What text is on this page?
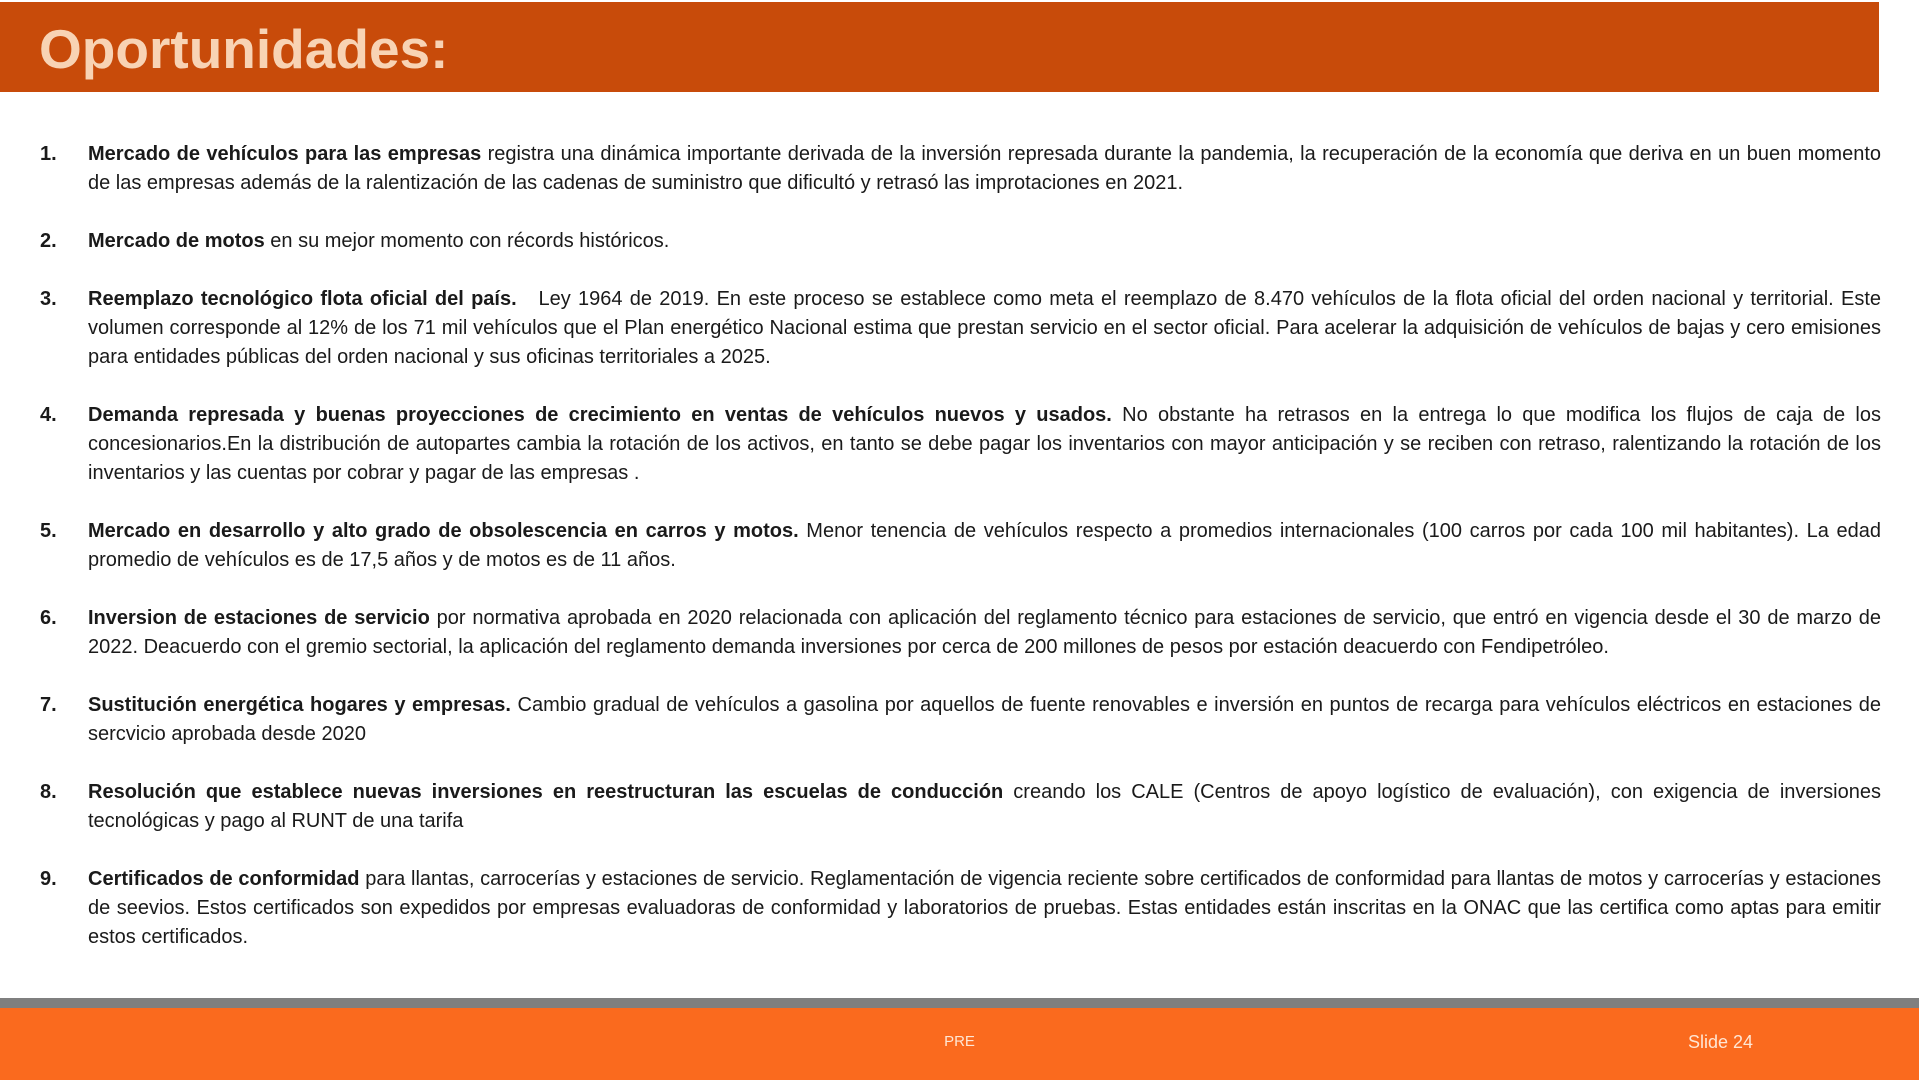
Oportunidades:
1. Mercado de vehículos para las empresas registra una dinámica importante derivada de la inversión represada durante la pandemia, la recuperación de la economía que deriva en un buen momento de las empresas además de la ralentización de las cadenas de suministro que dificultó y retrasó las improtaciones en 2021.
2. Mercado de motos en su mejor momento con récords históricos.
3. Reemplazo tecnológico flota oficial del país.   Ley 1964 de 2019. En este proceso se establece como meta el reemplazo de 8.470 vehículos de la flota oficial del orden nacional y territorial. Este volumen corresponde al 12% de los 71 mil vehículos que el Plan energético Nacional estima que prestan servicio en el sector oficial. Para acelerar la adquisición de vehículos de bajas y cero emisiones para entidades públicas del orden nacional y sus oficinas territoriales a 2025.
4. Demanda represada y buenas proyecciones de crecimiento en ventas de vehículos nuevos y usados. No obstante ha retrasos en la entrega lo que modifica los flujos de caja de los concesionarios.En la distribución de autopartes cambia la rotación de los activos, en tanto se debe pagar los inventarios con mayor anticipación y se reciben con retraso, ralentizando la rotación de los inventarios y las cuentas por cobrar y pagar de las empresas .
5. Mercado en desarrollo y alto grado de obsolescencia en carros y motos. Menor tenencia de vehículos respecto a promedios internacionales (100 carros por cada 100 mil habitantes). La edad promedio de vehículos es de 17,5 años y de motos es de 11 años.
6. Inversion de estaciones de servicio por normativa aprobada en 2020 relacionada con aplicación del reglamento técnico para estaciones de servicio, que entró en vigencia desde el 30 de marzo de 2022. Deacuerdo con el gremio sectorial, la aplicación del reglamento demanda inversiones por cerca de 200 millones de pesos por estación deacuerdo con Fendipetróleo.
7. Sustitución energética hogares y empresas. Cambio gradual de vehículos a gasolina por aquellos de fuente renovables e inversión en puntos de recarga para vehículos eléctricos en estaciones de sercvicio aprobada desde 2020
8. Resolución que establece nuevas inversiones en reestructuran las escuelas de conducción creando los CALE (Centros de apoyo logístico de evaluación), con exigencia de inversiones tecnológicas y pago al RUNT de una tarifa
9. Certificados de conformidad para llantas, carrocerías y estaciones de servicio. Reglamentación de vigencia reciente sobre certificados de conformidad para llantas de motos y carrocerías y estaciones de seevios. Estos certificados son expedidos por empresas evaluadoras de conformidad y laboratorios de pruebas. Estas entidades están inscritas en la ONAC que las certifica como aptas para emitir estos certificados.
PRE	Slide 24
